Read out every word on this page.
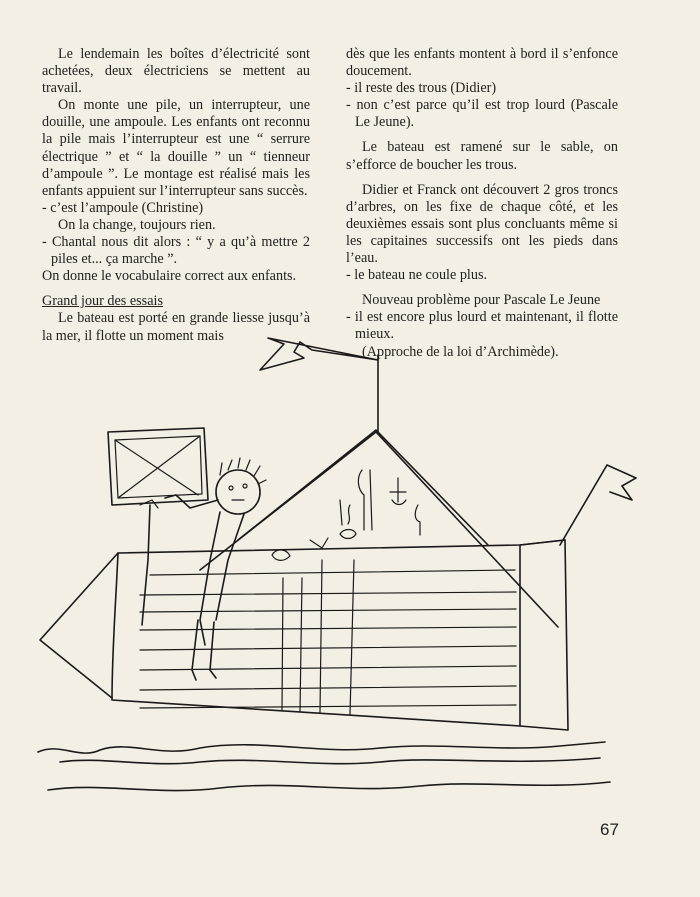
Le lendemain les boîtes d’électricité sont achetées, deux électriciens se mettent au travail.

On monte une pile, un interrupteur, une douille, une ampoule. Les enfants ont reconnu la pile mais l’interrupteur est une “ serrure électrique ” et “ la douille ” un “ tienneur d’ampoule ”. Le montage est réalisé mais les enfants appuient sur l’interrupteur sans succès.

- c’est l’ampoule (Christine)

On la change, toujours rien.

- Chantal nous dit alors : “ y a qu’à mettre 2 piles et... ça marche ”.

On donne le vocabulaire correct aux enfants.

Grand jour des essais

Le bateau est porté en grande liesse jusqu’à la mer, il flotte un moment mais

dès que les enfants montent à bord il s’enfonce doucement.

- il reste des trous (Didier)

- non c’est parce qu’il est trop lourd (Pascale Le Jeune).

Le bateau est ramené sur le sable, on s’efforce de boucher les trous.

Didier et Franck ont découvert 2 gros troncs d’arbres, on les fixe de chaque côté, et les deuxièmes essais sont plus concluants même si les capitaines successifs ont les pieds dans l’eau.

- le bateau ne coule plus.

Nouveau problème pour Pascale Le Jeune

- il est encore plus lourd et maintenant, il flotte mieux.

(Approche de la loi d’Archimède).

67
